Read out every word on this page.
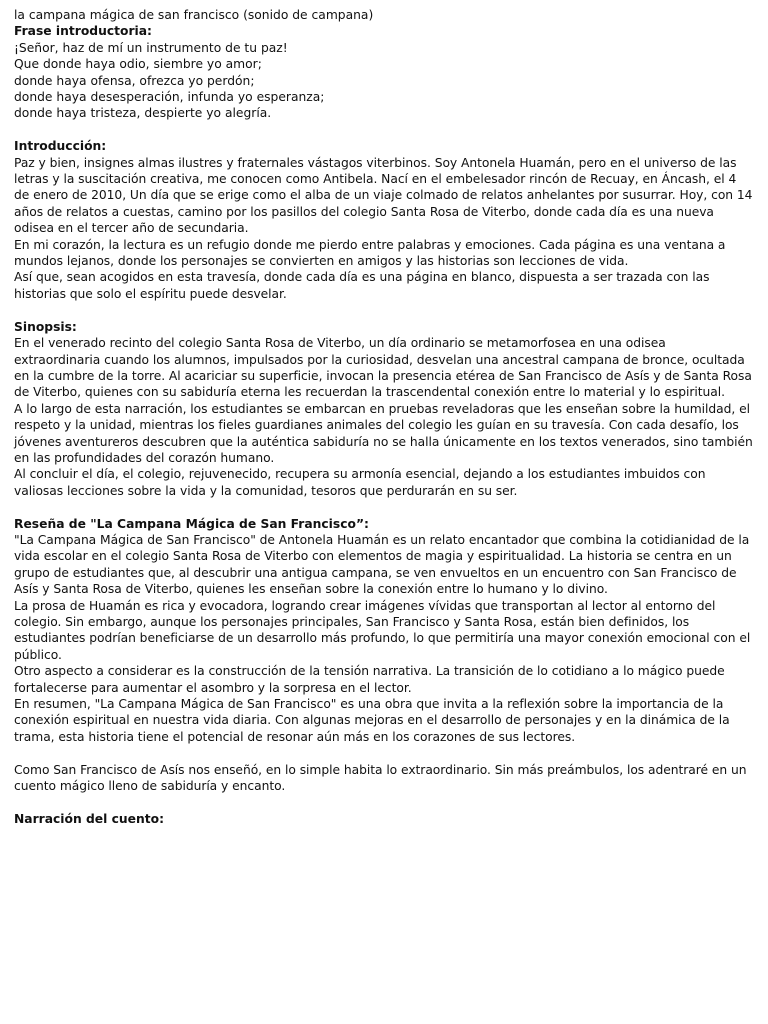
la campana mágica de san francisco (sonido de campana)
Frase introductoria:
¡Señor, haz de mí un instrumento de tu paz!
Que donde haya odio, siembre yo amor;
donde haya ofensa, ofrezca yo perdón;
donde haya desesperación, infunda yo esperanza;
donde haya tristeza, despierte yo alegría.
Introducción:
Paz y bien, insignes almas ilustres y fraternales vástagos viterbinos. Soy Antonela Huamán, pero en el universo de las letras y la suscitación creativa, me conocen como Antibela. Nací en el embelesador rincón de Recuay, en Áncash, el 4 de enero de 2010, Un día que se erige como el alba de un viaje colmado de relatos anhelantes por susurrar. Hoy, con 14 años de relatos a cuestas, camino por los pasillos del colegio Santa Rosa de Viterbo, donde cada día es una nueva odisea en el tercer año de secundaria.
En mi corazón, la lectura es un refugio donde me pierdo entre palabras y emociones. Cada página es una ventana a mundos lejanos, donde los personajes se convierten en amigos y las historias son lecciones de vida.
Así que, sean acogidos en esta travesía, donde cada día es una página en blanco, dispuesta a ser trazada con las historias que solo el espíritu puede desvelar.
Sinopsis:
En el venerado recinto del colegio Santa Rosa de Viterbo, un día ordinario se metamorfosea en una odisea extraordinaria cuando los alumnos, impulsados por la curiosidad, desvelan una ancestral campana de bronce, ocultada en la cumbre de la torre. Al acariciar su superficie, invocan la presencia etérea de San Francisco de Asís y de Santa Rosa de Viterbo, quienes con su sabiduría eterna les recuerdan la trascendental conexión entre lo material y lo espiritual.
A lo largo de esta narración, los estudiantes se embarcan en pruebas reveladoras que les enseñan sobre la humildad, el respeto y la unidad, mientras los fieles guardianes animales del colegio les guían en su travesía. Con cada desafío, los jóvenes aventureros descubren que la auténtica sabiduría no se halla únicamente en los textos venerados, sino también en las profundidades del corazón humano.
Al concluir el día, el colegio, rejuvenecido, recupera su armonía esencial, dejando a los estudiantes imbuidos con valiosas lecciones sobre la vida y la comunidad, tesoros que perdurarán en su ser.
Reseña de "La Campana Mágica de San Francisco”:
"La Campana Mágica de San Francisco" de Antonela Huamán es un relato encantador que combina la cotidianidad de la vida escolar en el colegio Santa Rosa de Viterbo con elementos de magia y espiritualidad. La historia se centra en un grupo de estudiantes que, al descubrir una antigua campana, se ven envueltos en un encuentro con San Francisco de Asís y Santa Rosa de Viterbo, quienes les enseñan sobre la conexión entre lo humano y lo divino.
La prosa de Huamán es rica y evocadora, logrando crear imágenes vívidas que transportan al lector al entorno del colegio. Sin embargo, aunque los personajes principales, San Francisco y Santa Rosa, están bien definidos, los estudiantes podrían beneficiarse de un desarrollo más profundo, lo que permitiría una mayor conexión emocional con el público.
Otro aspecto a considerar es la construcción de la tensión narrativa. La transición de lo cotidiano a lo mágico puede fortalecerse para aumentar el asombro y la sorpresa en el lector.
En resumen, "La Campana Mágica de San Francisco" es una obra que invita a la reflexión sobre la importancia de la conexión espiritual en nuestra vida diaria. Con algunas mejoras en el desarrollo de personajes y en la dinámica de la trama, esta historia tiene el potencial de resonar aún más en los corazones de sus lectores.
Como San Francisco de Asís nos enseñó, en lo simple habita lo extraordinario. Sin más preámbulos, los adentraré en un cuento mágico lleno de sabiduría y encanto.
Narración del cuento:
